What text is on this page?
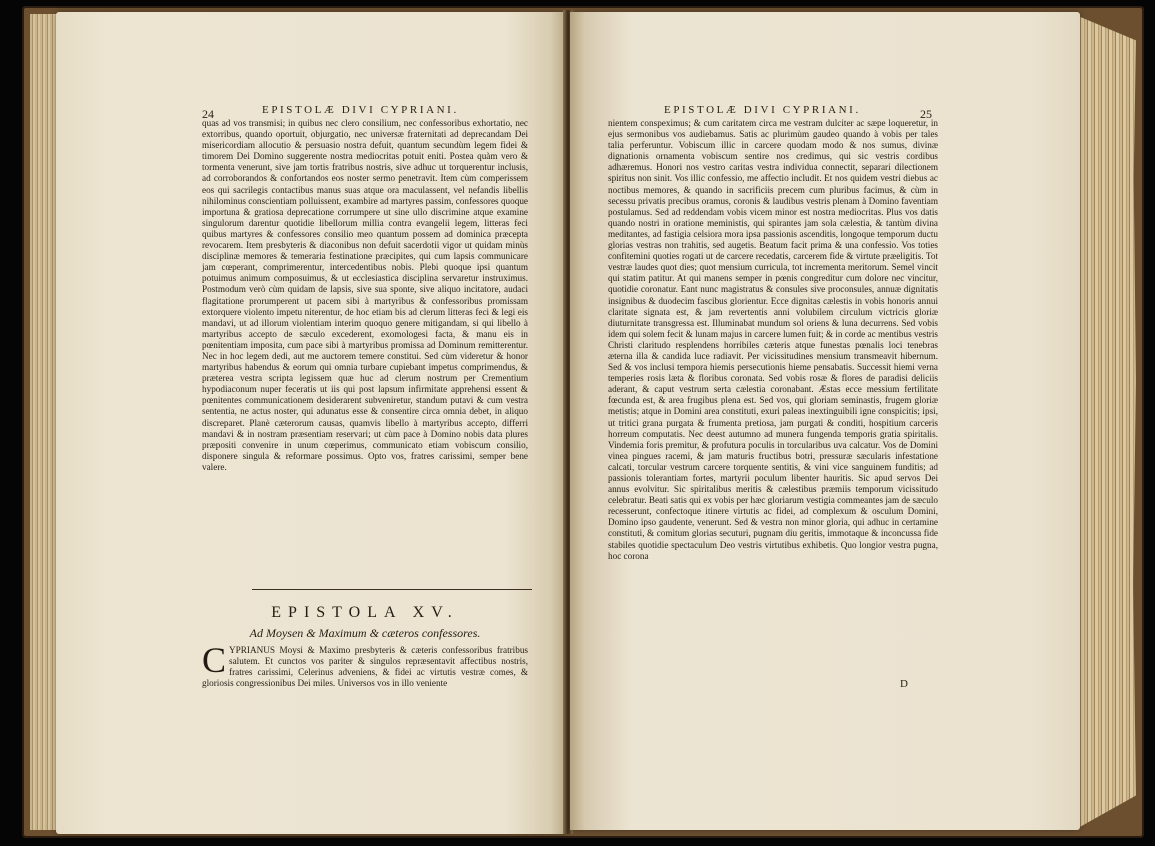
24	EPISTOLÆ DIVI CYPRIANI.

quas ad vos transmisi; in quibus nec clero consilium, nec confessoribus exhortatio, nec extorribus, quando oportuit, objurgatio, nec universæ fraternitati ad deprecandam Dei misericordiam allocutio & persuasio nostra defuit, quantum secundùm legem fidei & timorem Dei Domino suggerente nostra mediocritas potuit eniti. Postea quàm vero & tormenta venerunt, sive jam tortis fratribus nostris, sive adhuc ut torquerentur inclusis, ad corroborandos & confortandos eos noster sermo penetravit. Item cùm comperissem eos qui sacrilegis contactibus manus suas atque ora maculassent, vel nefandis libellis nihilominus conscientiam polluissent, exambire ad martyres passim, confessores quoque importuna & gratiosa deprecatione corrumpere ut sine ullo discrimine atque examine singulorum darentur quotidie libellorum millia contra evangelii legem, litteras feci quibus martyres & confessores consilio meo quantum possem ad dominica præcepta revocarem. Item presbyteris & diaconibus non defuit sacerdotii vigor ut quidam minùs disciplinæ memores & temeraria festinatione præcipites, qui cum lapsis communicare jam cœperant, comprimerentur, intercedentibus nobis. Plebi quoque ipsi quantum potuimus animum composuimus, & ut ecclesiastica disciplina servaretur instruximus. Postmodum verò cùm quidam de lapsis, sive sua sponte, sive aliquo incitatore, audaci flagitatione prorumperent ut pacem sibi à martyribus & confessoribus promissam extorquere violento impetu niterentur, de hoc etiam bis ad clerum litteras feci & legi eis mandavi, ut ad illorum violentiam interim quoquo genere mitigandam, si qui libello à martyribus accepto de sæculo excederent, exomologesi facta, & manu eis in pœnitentiam imposita, cum pace sibi à martyribus promissa ad Dominum remitterentur. Nec in hoc legem dedi, aut me auctorem temere constitui. Sed cùm videretur & honor martyribus habendus & eorum qui omnia turbare cupiebant impetus comprimendus, & præterea vestra scripta legissem quæ huc ad clerum nostrum per Crementium hypodiaconum nuper feceratis ut iis qui post lapsum infirmitate apprehensi essent & pœnitentes communicationem desiderarent subveniretur, standum putavi & cum vestra sententia, ne actus noster, qui adunatus esse & consentire circa omnia debet, in aliquo discreparet. Planè cæterorum causas, quamvis libello à martyribus accepto, differri mandavi & in nostram præsentiam reservari; ut cùm pace à Domino nobis data plures præpositi convenire in unum cœperimus, communicato etiam vobiscum consilio, disponere singula & reformare possimus. Opto vos, fratres carissimi, semper bene valere.

EPISTOLA XV.
Ad Moysen & Maximum & cæteros confessores.
C YPRIANUS Moysi & Maximo presbyteris & cæteris confessoribus fratribus salutem. Et cunctos vos pariter & singulos repræsentavit affectibus nostris, fratres carissimi, Celerinus adveniens, & fidei ac virtutis vestræ comes, & gloriosis congressionibus Dei miles. Universos vos in illo veniente
EPISTOLÆ DIVI CYPRIANI.	25

nientem conspeximus; & cum caritatem circa me vestram dulciter ac sæpe loqueretur, in ejus sermonibus vos audiebamus. Satis ac plurimùm gaudeo quando à vobis per tales talia perferuntur. Vobiscum illic in carcere quodam modo & nos sumus, divinæ dignationis ornamenta vobiscum sentire nos credimus, qui sic vestris cordibus adhæremus. Honori nos vestro caritas vestra individua connectit, separari dilectionem spiritus non sinit. Vos illic confessio, me affectio includit. Et nos quidem vestri diebus ac noctibus memores, & quando in sacrificiis precem cum pluribus facimus, & cùm in secessu privatis precibus oramus, coronis & laudibus vestris plenam à Domino faventiam postulamus. Sed ad reddendam vobis vicem minor est nostra mediocritas. Plus vos datis quando nostri in oratione meministis, qui spirantes jam sola cælestia, & tantùm divina meditantes, ad fastigia celsiora mora ipsa passionis ascenditis, longoque temporum ductu glorias vestras non trahitis, sed augetis. Beatum facit prima & una confessio. Vos toties confitemini quoties rogati ut de carcere recedatis, carcerem fide & virtute præeligitis. Tot vestræ laudes quot dies; quot mensium curricula, tot incrementa meritorum. Semel vincit qui statim patitur. At qui manens semper in pœnis congreditur cum dolore nec vincitur, quotidie coronatur. Eant nunc magistratus & consules sive proconsules, annuæ dignitatis insignibus & duodecim fascibus glorientur. Ecce dignitas cælestis in vobis honoris annui claritate signata est, & jam revertentis anni volubilem circulum victricis gloriæ diuturnitate transgressa est. Illuminabat mundum sol oriens & luna decurrens. Sed vobis idem qui solem fecit & lunam majus in carcere lumen fuit; & in corde ac mentibus vestris Christi claritudo resplendens horribiles cæteris atque funestas pœnalis loci tenebras æterna illa & candida luce radiavit. Per vicissitudines mensium transmeavit hibernum. Sed & vos inclusi tempora hiemis persecutionis hieme pensabatis. Successit hiemi verna temperies rosis læta & floribus coronata. Sed vobis rosæ & flores de paradisi deliciis aderant, & caput vestrum serta cælestia coronabant. Æstas ecce messium fertilitate fœcunda est, & area frugibus plena est. Sed vos, qui gloriam seminastis, frugem gloriæ metistis; atque in Domini area constituti, exuri paleas inextinguibili igne conspicitis; ipsi, ut tritici grana purgata & frumenta pretiosa, jam purgati & conditi, hospitium carceris horreum computatis. Nec deest autumno ad munera fungenda temporis gratia spiritalis. Vindemia foris premitur, & profutura poculis in torcularibus uva calcatur. Vos de Domini vinea pingues racemi, & jam maturis fructibus botri, pressuræ sæcularis infestatione calcati, torcular vestrum carcere torquente sentitis, & vini vice sanguinem funditis; ad passionis tolerantiam fortes, martyrii poculum libenter hauritis. Sic apud servos Dei annus evolvitur. Sic spiritalibus meritis & cælestibus præmiis temporum vicissitudo celebratur. Beati satis qui ex vobis per hæc gloriarum vestigia commeantes jam de sæculo recesserunt, confectoque itinere virtutis ac fidei, ad complexum & osculum Domini, Domino ipso gaudente, venerunt. Sed & vestra non minor gloria, qui adhuc in certamine constituti, & comitum glorias secuturi, pugnam diu geritis, immotaque & inconcussa fide stabiles quotidie spectaculum Deo vestris virtutibus exhibetis. Quo longior vestra pugna, hoc corona

D
